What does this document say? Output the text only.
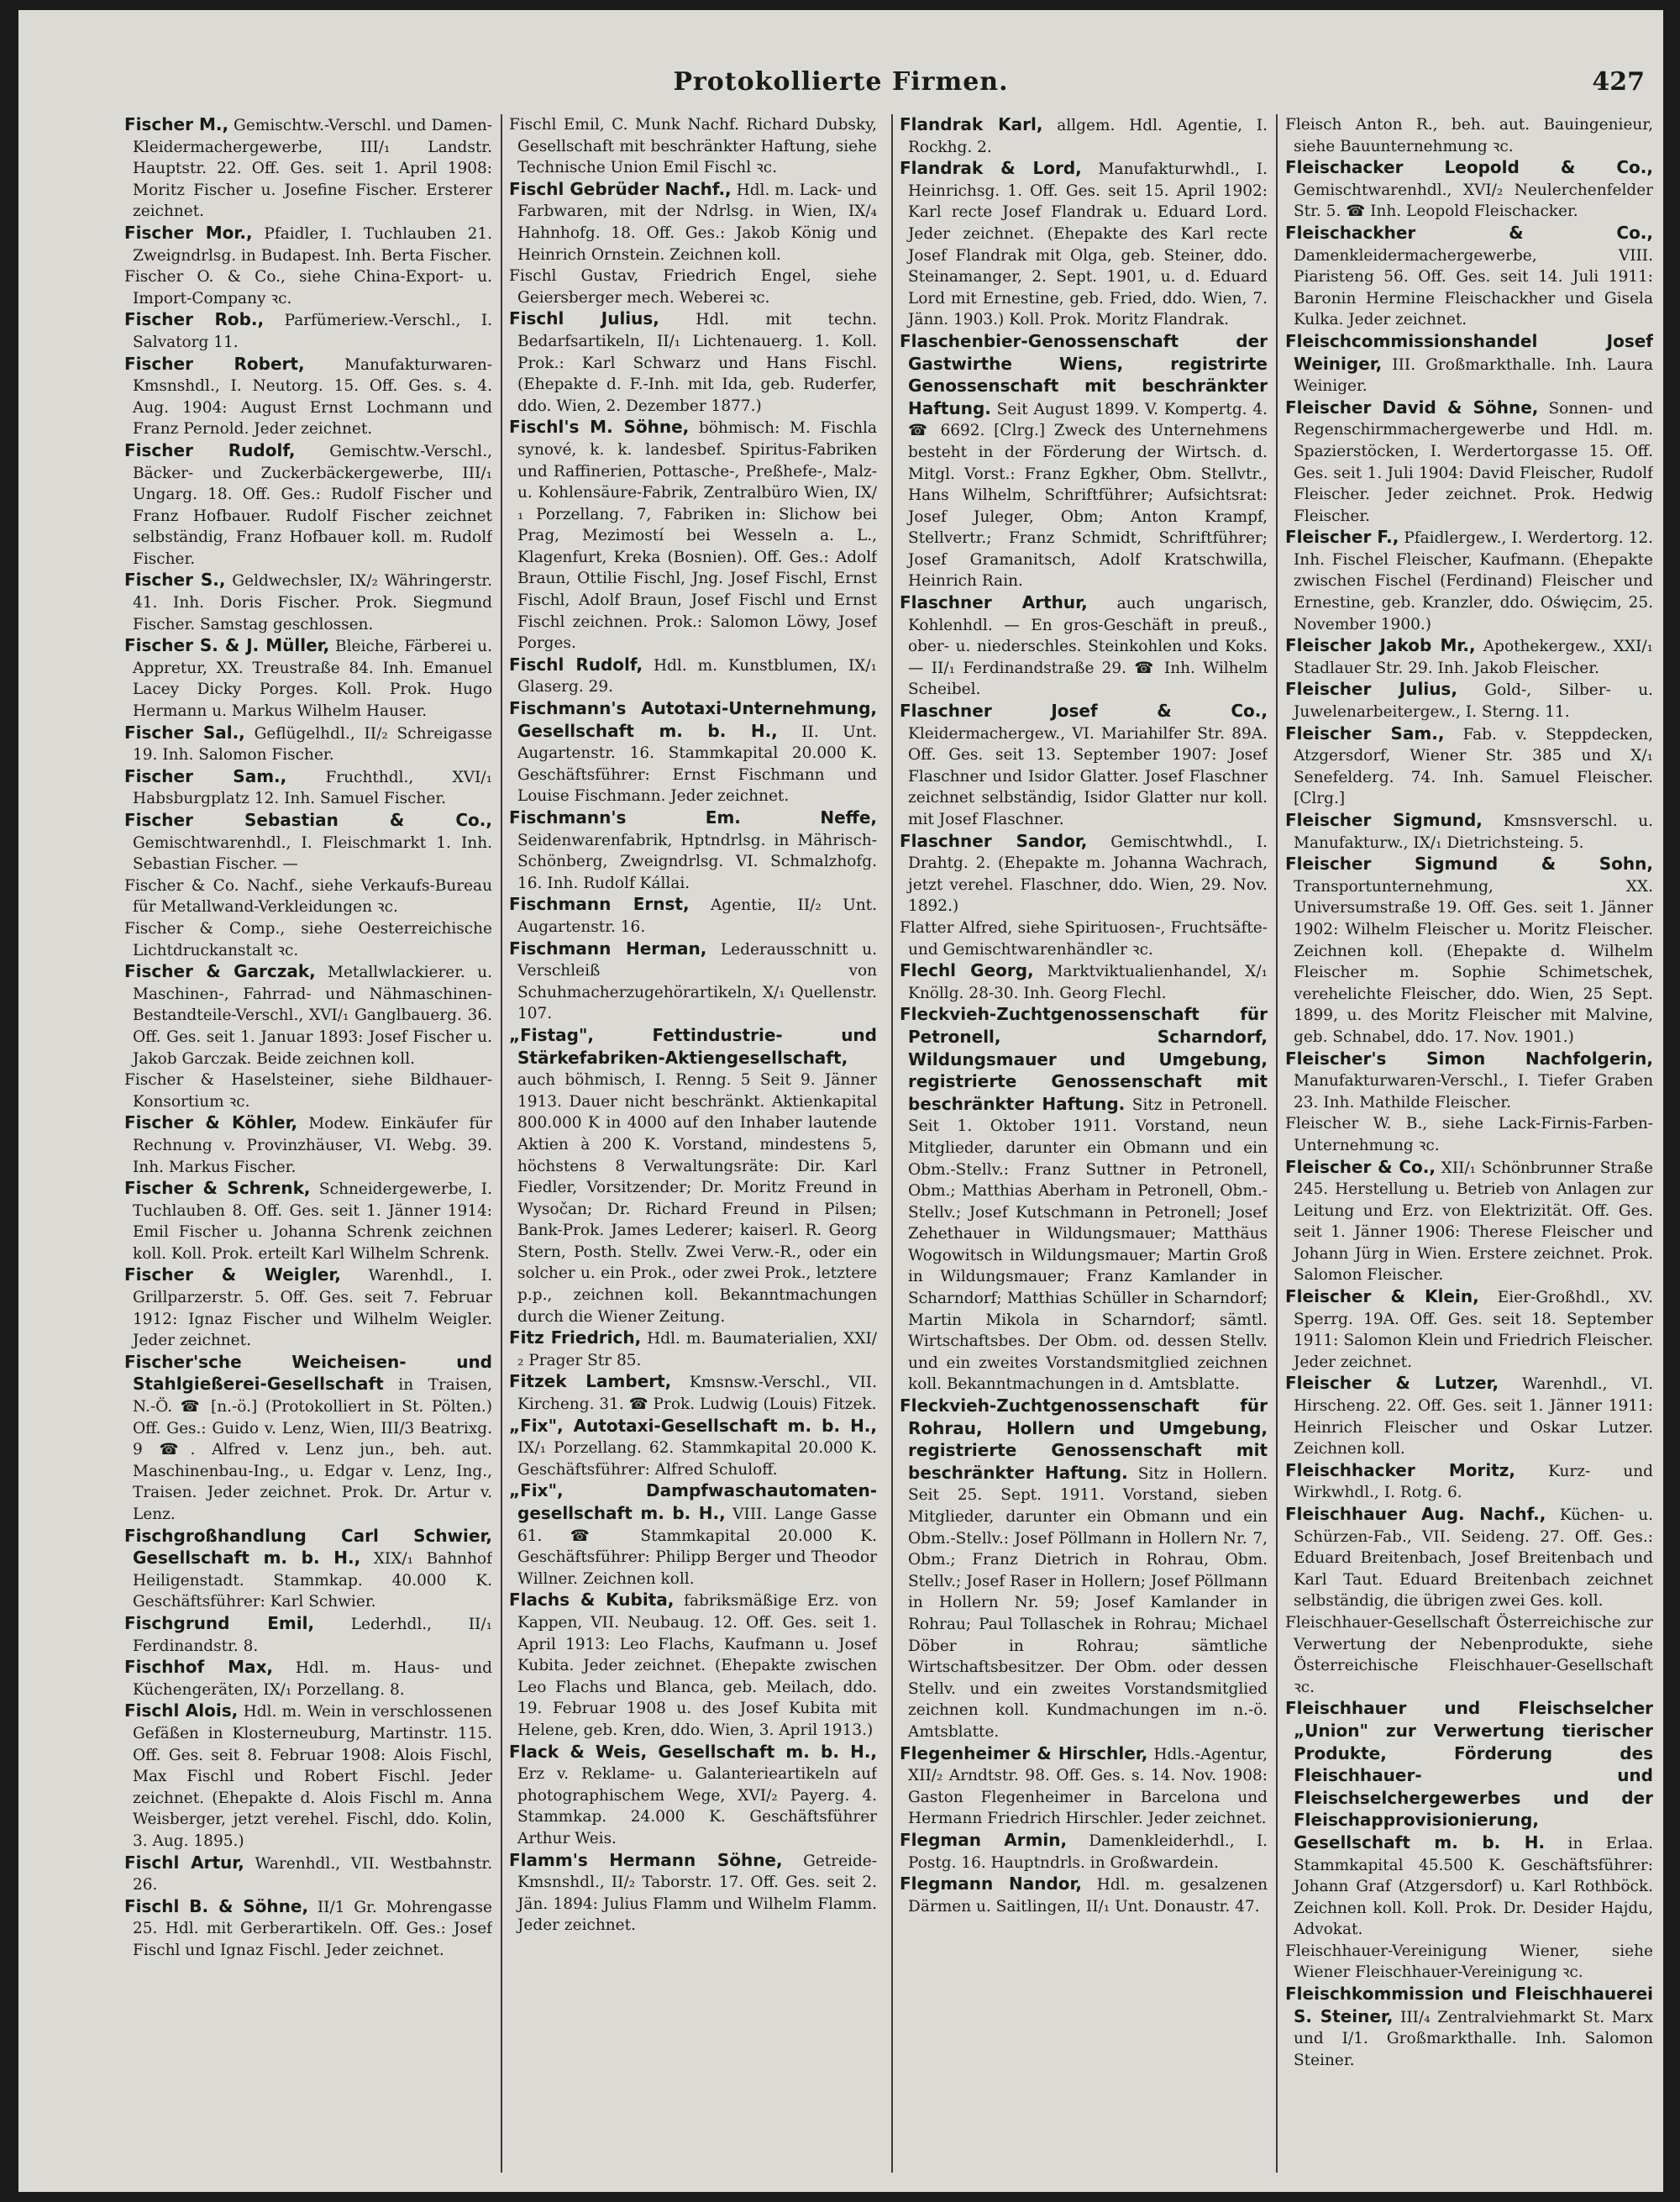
Protokollierte Firmen.	427

Fischer M., Gemischtw.-Verschl. und Damen-Kleidermachergewerbe, III/₁ Landstr. Hauptstr. 22. Off. Ges. seit 1. April 1908: Moritz Fischer u. Josefine Fischer. Ersterer zeichnet.

Fischer Mor., Pfaidler, I. Tuchlauben 21. Zweigndrlsg. in Budapest. Inh. Berta Fischer.

Fischer O. & Co., siehe China-Export- u. Import-Company ꝛc.

Fischer Rob., Parfümeriew.-Verschl., I. Salvatorg 11.

Fischer Robert, Manufakturwaren-Kmsnshdl., I. Neutorg. 15. Off. Ges. s. 4. Aug. 1904: August Ernst Lochmann und Franz Pernold. Jeder zeichnet.

Fischer Rudolf, Gemischtw.-Verschl., Bäcker- und Zuckerbäckergewerbe, III/₁ Ungarg. 18. Off. Ges.: Rudolf Fischer und Franz Hofbauer. Rudolf Fischer zeichnet selbständig, Franz Hofbauer koll. m. Rudolf Fischer.

Fischer S., Geldwechsler, IX/₂ Währingerstr. 41. Inh. Doris Fischer. Prok. Siegmund Fischer. Samstag geschlossen.

Fischer S. & J. Müller, Bleiche, Färberei u. Appretur, XX. Treustraße 84. Inh. Emanuel Lacey Dicky Porges. Koll. Prok. Hugo Hermann u. Markus Wilhelm Hauser.

Fischer Sal., Geflügelhdl., II/₂ Schreigasse 19. Inh. Salomon Fischer.

Fischer Sam., Fruchthdl., XVI/₁ Habsburgplatz 12. Inh. Samuel Fischer.

Fischer Sebastian & Co., Gemischtwarenhdl., I. Fleischmarkt 1. Inh. Sebastian Fischer. —

Fischer & Co. Nachf., siehe Verkaufs-Bureau für Metallwand-Verkleidungen ꝛc.

Fischer & Comp., siehe Oesterreichische Lichtdruckanstalt ꝛc.

Fischer & Garczak, Metallwlackierer. u. Maschinen-, Fahrrad- und Nähmaschinen-Bestandteile-Verschl., XVI/₁ Ganglbauerg. 36. Off. Ges. seit 1. Januar 1893: Josef Fischer u. Jakob Garczak. Beide zeichnen koll.

Fischer & Haselsteiner, siehe Bildhauer-Konsortium ꝛc.

Fischer & Köhler, Modew. Einkäufer für Rechnung v. Provinzhäuser, VI. Webg. 39. Inh. Markus Fischer.

Fischer & Schrenk, Schneidergewerbe, I. Tuchlauben 8. Off. Ges. seit 1. Jänner 1914: Emil Fischer u. Johanna Schrenk zeichnen koll. Koll. Prok. erteilt Karl Wilhelm Schrenk.

Fischer & Weigler, Warenhdl., I. Grillparzerstr. 5. Off. Ges. seit 7. Februar 1912: Ignaz Fischer und Wilhelm Weigler. Jeder zeichnet.

Fischer'sche Weicheisen- und Stahlgießerei-Gesellschaft in Traisen, N.-Ö. ☎ [n.-ö.] (Protokolliert in St. Pölten.) Off. Ges.: Guido v. Lenz, Wien, III/3 Beatrixg. 9 ☎. Alfred v. Lenz jun., beh. aut. Maschinenbau-Ing., u. Edgar v. Lenz, Ing., Traisen. Jeder zeichnet. Prok. Dr. Artur v. Lenz.

Fischgroßhandlung Carl Schwier, Gesellschaft m. b. H., XIX/₁ Bahnhof Heiligenstadt. Stammkap. 40.000 K. Geschäftsführer: Karl Schwier.

Fischgrund Emil, Lederhdl., II/₁ Ferdinandstr. 8.

Fischhof Max, Hdl. m. Haus- und Küchengeräten, IX/₁ Porzellang. 8.

Fischl Alois, Hdl. m. Wein in verschlossenen Gefäßen in Klosterneuburg, Martinstr. 115. Off. Ges. seit 8. Februar 1908: Alois Fischl, Max Fischl und Robert Fischl. Jeder zeichnet. (Ehepakte d. Alois Fischl m. Anna Weisberger, jetzt verehel. Fischl, ddo. Kolin, 3. Aug. 1895.)

Fischl Artur, Warenhdl., VII. Westbahnstr. 26.

Fischl B. & Söhne, II/1 Gr. Mohrengasse 25. Hdl. mit Gerberartikeln. Off. Ges.: Josef Fischl und Ignaz Fischl. Jeder zeichnet.

Fischl Emil, C. Munk Nachf. Richard Dubsky, Gesellschaft mit beschränkter Haftung, siehe Technische Union Emil Fischl ꝛc.

Fischl Gebrüder Nachf., Hdl. m. Lack- und Farbwaren, mit der Ndrlsg. in Wien, IX/₄ Hahnhofg. 18. Off. Ges.: Jakob König und Heinrich Ornstein. Zeichnen koll.

Fischl Gustav, Friedrich Engel, siehe Geiersberger mech. Weberei ꝛc.

Fischl Julius, Hdl. mit techn. Bedarfsartikeln, II/₁ Lichtenauerg. 1. Koll. Prok.: Karl Schwarz und Hans Fischl. (Ehepakte d. F.-Inh. mit Ida, geb. Ruderfer, ddo. Wien, 2. Dezember 1877.)

Fischl's M. Söhne, böhmisch: M. Fischla synové, k. k. landesbef. Spiritus-Fabriken und Raffinerien, Pottasche-, Preßhefe-, Malz- u. Kohlensäure-Fabrik, Zentralbüro Wien, IX/₁ Porzellang. 7, Fabriken in: Slichow bei Prag, Mezimostí bei Wesseln a. L., Klagenfurt, Kreka (Bosnien). Off. Ges.: Adolf Braun, Ottilie Fischl, Jng. Josef Fischl, Ernst Fischl, Adolf Braun, Josef Fischl und Ernst Fischl zeichnen. Prok.: Salomon Löwy, Josef Porges.

Fischl Rudolf, Hdl. m. Kunstblumen, IX/₁ Glaserg. 29.

Fischmann's Autotaxi-Unternehmung, Gesellschaft m. b. H., II. Unt. Augartenstr. 16. Stammkapital 20.000 K. Geschäftsführer: Ernst Fischmann und Louise Fischmann. Jeder zeichnet.

Fischmann's Em. Neffe, Seidenwarenfabrik, Hptndrlsg. in Mährisch-Schönberg, Zweigndrlsg. VI. Schmalzhofg. 16. Inh. Rudolf Kállai.

Fischmann Ernst, Agentie, II/₂ Unt. Augartenstr. 16.

Fischmann Herman, Lederausschnitt u. Verschleiß von Schuhmacherzugehörartikeln, X/₁ Quellenstr. 107.

„Fistag", Fettindustrie- und Stärkefabriken-Aktiengesellschaft, auch böhmisch, I. Renng. 5 Seit 9. Jänner 1913. Dauer nicht beschränkt. Aktienkapital 800.000 K in 4000 auf den Inhaber lautende Aktien à 200 K. Vorstand, mindestens 5, höchstens 8 Verwaltungsräte: Dir. Karl Fiedler, Vorsitzender; Dr. Moritz Freund in Wysočan; Dr. Richard Freund in Pilsen; Bank-Prok. James Lederer; kaiserl. R. Georg Stern, Posth. Stellv. Zwei Verw.-R., oder ein solcher u. ein Prok., oder zwei Prok., letztere p.p., zeichnen koll. Bekanntmachungen durch die Wiener Zeitung.

Fitz Friedrich, Hdl. m. Baumaterialien, XXI/₂ Prager Str 85.

Fitzek Lambert, Kmsnsw.-Verschl., VII. Kircheng. 31. ☎ Prok. Ludwig (Louis) Fitzek.

„Fix", Autotaxi-Gesellschaft m. b. H., IX/₁ Porzellang. 62. Stammkapital 20.000 K. Geschäftsführer: Alfred Schuloff.

„Fix", Dampfwaschautomaten-gesellschaft m. b. H., VIII. Lange Gasse 61. ☎ Stammkapital 20.000 K. Geschäftsführer: Philipp Berger und Theodor Willner. Zeichnen koll.

Flachs & Kubita, fabriksmäßige Erz. von Kappen, VII. Neubaug. 12. Off. Ges. seit 1. April 1913: Leo Flachs, Kaufmann u. Josef Kubita. Jeder zeichnet. (Ehepakte zwischen Leo Flachs und Blanca, geb. Meilach, ddo. 19. Februar 1908 u. des Josef Kubita mit Helene, geb. Kren, ddo. Wien, 3. April 1913.)

Flack & Weis, Gesellschaft m. b. H., Erz v. Reklame- u. Galanterieartikeln auf photographischem Wege, XVI/₂ Payerg. 4. Stammkap. 24.000 K. Geschäftsführer Arthur Weis.

Flamm's Hermann Söhne, Getreide-Kmsnshdl., II/₂ Taborstr. 17. Off. Ges. seit 2. Jän. 1894: Julius Flamm und Wilhelm Flamm. Jeder zeichnet.

Flandrak Karl, allgem. Hdl. Agentie, I. Rockhg. 2.

Flandrak & Lord, Manufakturwhdl., I. Heinrichsg. 1. Off. Ges. seit 15. April 1902: Karl recte Josef Flandrak u. Eduard Lord. Jeder zeichnet. (Ehepakte des Karl recte Josef Flandrak mit Olga, geb. Steiner, ddo. Steinamanger, 2. Sept. 1901, u. d. Eduard Lord mit Ernestine, geb. Fried, ddo. Wien, 7. Jänn. 1903.) Koll. Prok. Moritz Flandrak.

Flaschenbier-Genossenschaft der Gastwirthe Wiens, registrirte Genossenschaft mit beschränkter Haftung. Seit August 1899. V. Kompertg. 4. ☎ 6692. [Clrg.] Zweck des Unternehmens besteht in der Förderung der Wirtsch. d. Mitgl. Vorst.: Franz Egkher, Obm. Stellvtr., Hans Wilhelm, Schriftführer; Aufsichtsrat: Josef Juleger, Obm; Anton Krampf, Stellvertr.; Franz Schmidt, Schriftführer; Josef Gramanitsch, Adolf Kratschwilla, Heinrich Rain.

Flaschner Arthur, auch ungarisch, Kohlenhdl. — En gros-Geschäft in preuß., ober- u. niederschles. Steinkohlen und Koks. — II/₁ Ferdinandstraße 29. ☎ Inh. Wilhelm Scheibel.

Flaschner Josef & Co., Kleidermachergew., VI. Mariahilfer Str. 89A. Off. Ges. seit 13. September 1907: Josef Flaschner und Isidor Glatter. Josef Flaschner zeichnet selbständig, Isidor Glatter nur koll. mit Josef Flaschner.

Flaschner Sandor, Gemischtwhdl., I. Drahtg. 2. (Ehepakte m. Johanna Wachrach, jetzt verehel. Flaschner, ddo. Wien, 29. Nov. 1892.)

Flatter Alfred, siehe Spirituosen-, Fruchtsäfte- und Gemischtwarenhändler ꝛc.

Flechl Georg, Marktviktualienhandel, X/₁ Knöllg. 28-30. Inh. Georg Flechl.

Fleckvieh-Zuchtgenossenschaft für Petronell, Scharndorf, Wildungsmauer und Umgebung, registrierte Genossenschaft mit beschränkter Haftung. Sitz in Petronell. Seit 1. Oktober 1911. Vorstand, neun Mitglieder, darunter ein Obmann und ein Obm.-Stellv.: Franz Suttner in Petronell, Obm.; Matthias Aberham in Petronell, Obm.-Stellv.; Josef Kutschmann in Petronell; Josef Zehethauer in Wildungsmauer; Matthäus Wogowitsch in Wildungsmauer; Martin Groß in Wildungsmauer; Franz Kamlander in Scharndorf; Matthias Schüller in Scharndorf; Martin Mikola in Scharndorf; sämtl. Wirtschaftsbes. Der Obm. od. dessen Stellv. und ein zweites Vorstandsmitglied zeichnen koll. Bekanntmachungen in d. Amtsblatte.

Fleckvieh-Zuchtgenossenschaft für Rohrau, Hollern und Umgebung, registrierte Genossenschaft mit beschränkter Haftung. Sitz in Hollern. Seit 25. Sept. 1911. Vorstand, sieben Mitglieder, darunter ein Obmann und ein Obm.-Stellv.: Josef Pöllmann in Hollern Nr. 7, Obm.; Franz Dietrich in Rohrau, Obm. Stellv.; Josef Raser in Hollern; Josef Pöllmann in Hollern Nr. 59; Josef Kamlander in Rohrau; Paul Tollaschek in Rohrau; Michael Döber in Rohrau; sämtliche Wirtschaftsbesitzer. Der Obm. oder dessen Stellv. und ein zweites Vorstandsmitglied zeichnen koll. Kundmachungen im n.-ö. Amtsblatte.

Flegenheimer & Hirschler, Hdls.-Agentur, XII/₂ Arndtstr. 98. Off. Ges. s. 14. Nov. 1908: Gaston Flegenheimer in Barcelona und Hermann Friedrich Hirschler. Jeder zeichnet.

Flegman Armin, Damenkleiderhdl., I. Postg. 16. Hauptndrls. in Großwardein.

Flegmann Nandor, Hdl. m. gesalzenen Därmen u. Saitlingen, II/₁ Unt. Donaustr. 47.

Fleisch Anton R., beh. aut. Bauingenieur, siehe Bauunternehmung ꝛc.

Fleischacker Leopold & Co., Gemischtwarenhdl., XVI/₂ Neulerchenfelder Str. 5. ☎ Inh. Leopold Fleischacker.

Fleischackher & Co., Damenkleidermachergewerbe, VIII. Piaristeng 56. Off. Ges. seit 14. Juli 1911: Baronin Hermine Fleischackher und Gisela Kulka. Jeder zeichnet.

Fleischcommissionshandel Josef Weiniger, III. Großmarkthalle. Inh. Laura Weiniger.

Fleischer David & Söhne, Sonnen- und Regenschirmmachergewerbe und Hdl. m. Spazierstöcken, I. Werdertorgasse 15. Off. Ges. seit 1. Juli 1904: David Fleischer, Rudolf Fleischer. Jeder zeichnet. Prok. Hedwig Fleischer.

Fleischer F., Pfaidlergew., I. Werdertorg. 12. Inh. Fischel Fleischer, Kaufmann. (Ehepakte zwischen Fischel (Ferdinand) Fleischer und Ernestine, geb. Kranzler, ddo. Oświęcim, 25. November 1900.)

Fleischer Jakob Mr., Apothekergew., XXI/₁ Stadlauer Str. 29. Inh. Jakob Fleischer.

Fleischer Julius, Gold-, Silber- u. Juwelenarbeitergew., I. Sterng. 11.

Fleischer Sam., Fab. v. Steppdecken, Atzgersdorf, Wiener Str. 385 und X/₁ Senefelderg. 74. Inh. Samuel Fleischer. [Clrg.]

Fleischer Sigmund, Kmsnsverschl. u. Manufakturw., IX/₁ Dietrichsteing. 5.

Fleischer Sigmund & Sohn, Transportunternehmung, XX. Universumstraße 19. Off. Ges. seit 1. Jänner 1902: Wilhelm Fleischer u. Moritz Fleischer. Zeichnen koll. (Ehepakte d. Wilhelm Fleischer m. Sophie Schimetschek, verehelichte Fleischer, ddo. Wien, 25 Sept. 1899, u. des Moritz Fleischer mit Malvine, geb. Schnabel, ddo. 17. Nov. 1901.)

Fleischer's Simon Nachfolgerin, Manufakturwaren-Verschl., I. Tiefer Graben 23. Inh. Mathilde Fleischer.

Fleischer W. B., siehe Lack-Firnis-Farben-Unternehmung ꝛc.

Fleischer & Co., XII/₁ Schönbrunner Straße 245. Herstellung u. Betrieb von Anlagen zur Leitung und Erz. von Elektrizität. Off. Ges. seit 1. Jänner 1906: Therese Fleischer und Johann Jürg in Wien. Erstere zeichnet. Prok. Salomon Fleischer.

Fleischer & Klein, Eier-Großhdl., XV. Sperrg. 19A. Off. Ges. seit 18. September 1911: Salomon Klein und Friedrich Fleischer. Jeder zeichnet.

Fleischer & Lutzer, Warenhdl., VI. Hirscheng. 22. Off. Ges. seit 1. Jänner 1911: Heinrich Fleischer und Oskar Lutzer. Zeichnen koll.

Fleischhacker Moritz, Kurz- und Wirkwhdl., I. Rotg. 6.

Fleischhauer Aug. Nachf., Küchen- u. Schürzen-Fab., VII. Seideng. 27. Off. Ges.: Eduard Breitenbach, Josef Breitenbach und Karl Taut. Eduard Breitenbach zeichnet selbständig, die übrigen zwei Ges. koll.

Fleischhauer-Gesellschaft Österreichische zur Verwertung der Nebenprodukte, siehe Österreichische Fleischhauer-Gesellschaft ꝛc.

Fleischhauer und Fleischselcher „Union" zur Verwertung tierischer Produkte, Förderung des Fleischhauer- und Fleischselchergewerbes und der Fleischapprovisionierung, Gesellschaft m. b. H. in Erlaa. Stammkapital 45.500 K. Geschäftsführer: Johann Graf (Atzgersdorf) u. Karl Rothböck. Zeichnen koll. Koll. Prok. Dr. Desider Hajdu, Advokat.

Fleischhauer-Vereinigung Wiener, siehe Wiener Fleischhauer-Vereinigung ꝛc.

Fleischkommission und Fleischhauerei S. Steiner, III/₄ Zentralviehmarkt St. Marx und I/1. Großmarkthalle. Inh. Salomon Steiner.
